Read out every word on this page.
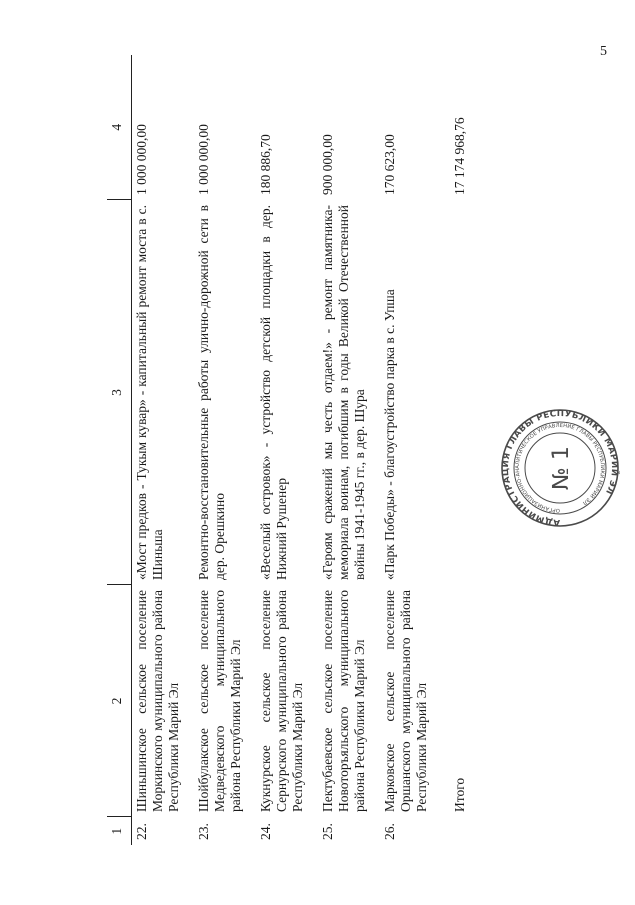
5
1	2	3	4
22.	Шиньшинское сельское поселение Моркинского муниципального района Республики Марий Эл	«Мост предков - Тукым кувар» - капитальный ремонт моста в с. Шиньша	1 000 000,00
23.	Шойбулакское сельское поселение Медведевского муниципального района Республики Марий Эл	Ремонтно-восстановительные работы улично-дорожной сети в дер. Орешкино	1 000 000,00
24.	Кукнурское сельское поселение Сернурского муниципального района Республики Марий Эл	«Веселый островок» - устройство детской площадки в дер. Нижний Рушенер	180 886,70
25.	Пектубаевское сельское поселение Новоторъяльского муниципального района Республики Марий Эл	«Героям сражений мы честь отдаем!» - ремонт памятника-мемориала воинам, погибшим в годы Великой Отечественной войны 1941-1945 гг., в дер. Шура	900 000,00
26.	Марковское сельское поселение Оршанского муниципального района Республики Марий Эл	«Парк Победы» - благоустройство парка в с. Упша	170 623,00
	Итого		17 174 968,76
АДМИНИСТРАЦИЯ ГЛАВЫ РЕСПУБЛИКИ МАРИЙ ЭЛ
ОРГАНИЗАЦИОННО-АНАЛИТИЧЕСКОЕ УПРАВЛЕНИЕ ГЛАВЫ РЕСПУБЛИКИ МАРИЙ ЭЛ
№ 1
